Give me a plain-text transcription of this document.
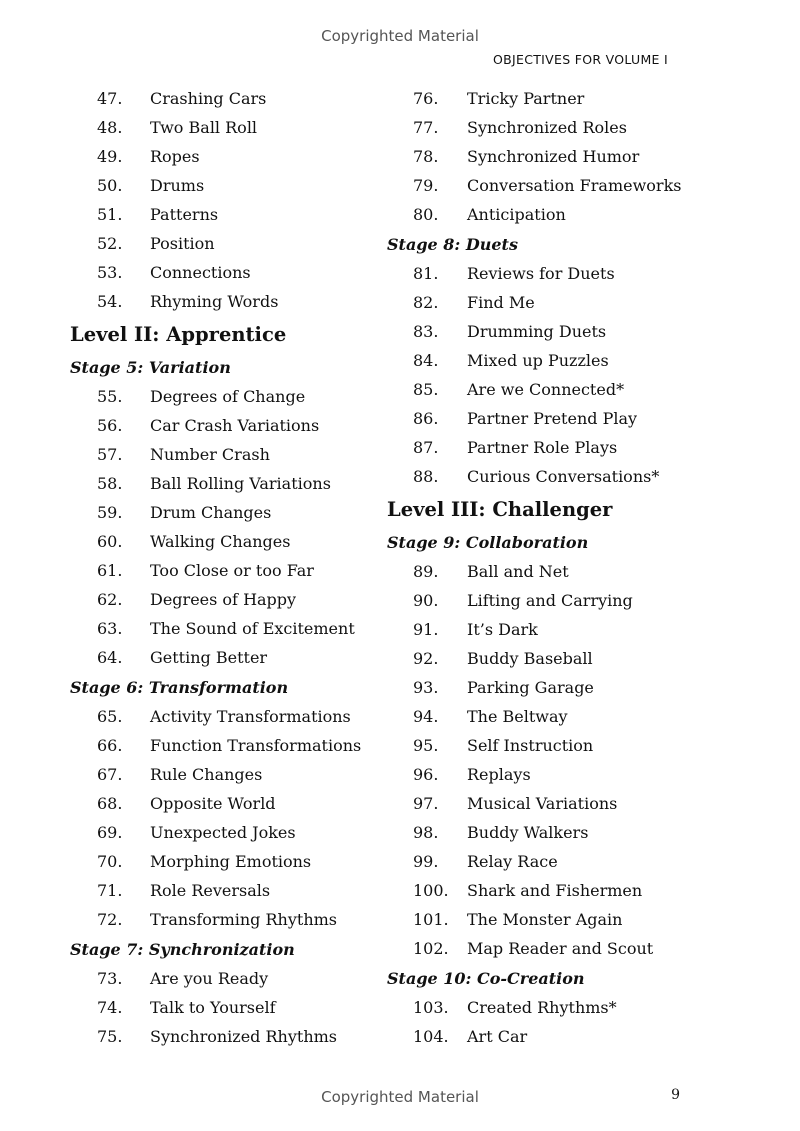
Copyrighted Material
OBJECTIVES FOR VOLUME I
47.	Crashing Cars
48.	Two Ball Roll
49.	Ropes
50.	Drums
51.	Patterns
52.	Position
53.	Connections
54.	Rhyming Words
Level II: Apprentice
Stage 5: Variation
55.	Degrees of Change
56.	Car Crash Variations
57.	Number Crash
58.	Ball Rolling Variations
59.	Drum Changes
60.	Walking Changes
61.	Too Close or too Far
62.	Degrees of Happy
63.	The Sound of Excitement
64.	Getting Better
Stage 6: Transformation
65.	Activity Transformations
66.	Function Transformations
67.	Rule Changes
68.	Opposite World
69.	Unexpected Jokes
70.	Morphing Emotions
71.	Role Reversals
72.	Transforming Rhythms
Stage 7: Synchronization
73.	Are you Ready
74.	Talk to Yourself
75.	Synchronized Rhythms
76.	Tricky Partner
77.	Synchronized Roles
78.	Synchronized Humor
79.	Conversation Frameworks
80.	Anticipation
Stage 8: Duets
81.	Reviews for Duets
82.	Find Me
83.	Drumming Duets
84.	Mixed up Puzzles
85.	Are we Connected*
86.	Partner Pretend Play
87.	Partner Role Plays
88.	Curious Conversations*
Level III: Challenger
Stage 9: Collaboration
89.	Ball and Net
90.	Lifting and Carrying
91.	It’s Dark
92.	Buddy Baseball
93.	Parking Garage
94.	The Beltway
95.	Self Instruction
96.	Replays
97.	Musical Variations
98.	Buddy Walkers
99.	Relay Race
100.	Shark and Fishermen
101.	The Monster Again
102.	Map Reader and Scout
Stage 10: Co-Creation
103.	Created Rhythms*
104.	Art Car
Copyrighted Material	9
